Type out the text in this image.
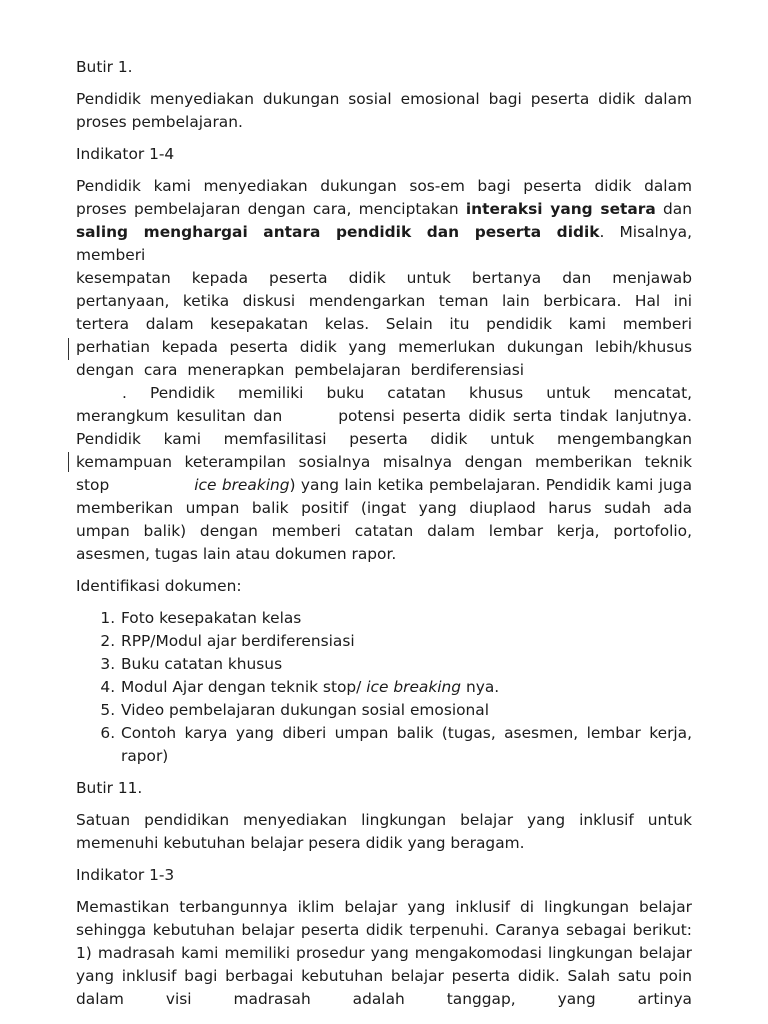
Butir 1.

Pendidik menyediakan dukungan sosial emosional bagi peserta didik dalam proses pembelajaran.

Indikator 1-4

Pendidik kami menyediakan dukungan sos-em bagi peserta didik dalam
proses pembelajaran dengan cara, menciptakan interaksi yang setara dan
saling menghargai antara pendidik dan peserta didik. Misalnya, memberi
kesempatan kepada peserta didik untuk bertanya dan menjawab
pertanyaan, ketika diskusi mendengarkan teman lain berbicara. Hal ini
tertera dalam kesepakatan kelas. Selain itu pendidik kami memberi
perhatian kepada peserta didik yang memerlukan dukungan lebih/khusus
dengan cara menerapkan pembelajaran berdiferensiasi
. Pendidik memiliki buku catatan khusus untuk mencatat,
merangkum kesulitan dan	potensi peserta didik serta tindak lanjutnya.
Pendidik kami memfasilitasi peserta didik untuk mengembangkan
kemampuan keterampilan sosialnya misalnya dengan memberikan teknik
stop	ice breaking) yang lain ketika pembelajaran. Pendidik kami juga
memberikan umpan balik positif (ingat yang diuplaod harus sudah ada
umpan balik) dengan memberi catatan dalam lembar kerja, portofolio,
asesmen, tugas lain atau dokumen rapor.

Identifikasi dokumen:

1. Foto kesepakatan kelas
2. RPP/Modul ajar berdiferensiasi
3. Buku catatan khusus
4. Modul Ajar dengan teknik stop/ ice breaking nya.
5. Video pembelajaran dukungan sosial emosional
6. Contoh karya yang diberi umpan balik (tugas, asesmen, lembar kerja, rapor)

Butir 11.

Satuan pendidikan menyediakan lingkungan belajar yang inklusif untuk memenuhi kebutuhan belajar pesera didik yang beragam.

Indikator 1-3

Memastikan terbangunnya iklim belajar yang inklusif di lingkungan belajar sehingga kebutuhan belajar peserta didik terpenuhi. Caranya sebagai berikut: 1) madrasah kami memiliki prosedur yang mengakomodasi lingkungan belajar yang inklusif bagi berbagai kebutuhan belajar peserta didik. Salah satu poin dalam visi madrasah adalah tanggap, yang artinya
